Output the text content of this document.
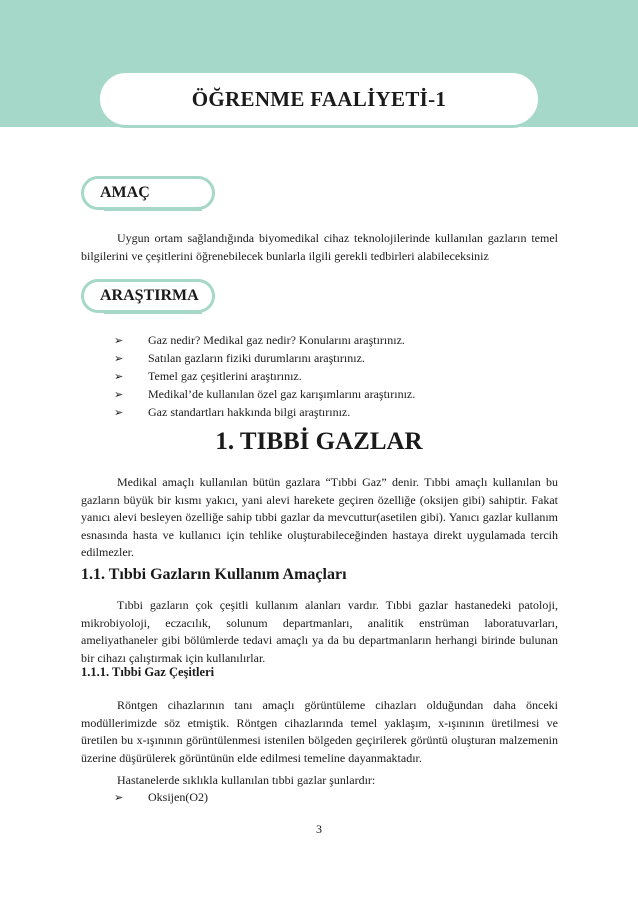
ÖĞRENME FAALİYETİ-1
AMAÇ

Uygun ortam sağlandığında biyomedikal cihaz teknolojilerinde kullanılan gazların temel bilgilerini ve çeşitlerini öğrenebilecek bunlarla ilgili gerekli tedbirleri alabileceksiniz

ARAŞTIRMA
➢	Gaz nedir? Medikal gaz nedir? Konularını araştırınız.
➢	Satılan gazların fiziki durumlarını araştırınız.
➢	Temel gaz çeşitlerini araştırınız.
➢	Medikal’de kullanılan özel gaz karışımlarını araştırınız.
➢	Gaz standartları hakkında bilgi araştırınız.
1. TIBBİ GAZLAR

Medikal amaçlı kullanılan bütün gazlara “Tıbbi Gaz” denir. Tıbbi amaçlı kullanılan bu gazların büyük bir kısmı yakıcı, yani alevi harekete geçiren özelliğe (oksijen gibi) sahiptir. Fakat yanıcı alevi besleyen özelliğe sahip tıbbi gazlar da mevcuttur(asetilen gibi). Yanıcı gazlar kullanım esnasında hasta ve kullanıcı için tehlike oluşturabileceğinden hastaya direkt uygulamada tercih edilmezler.

1.1. Tıbbi Gazların Kullanım Amaçları

Tıbbi gazların çok çeşitli kullanım alanları vardır. Tıbbi gazlar hastanedeki patoloji, mikrobiyoloji, eczacılık, solunum departmanları, analitik enstrüman laboratuvarları, ameliyathaneler gibi bölümlerde tedavi amaçlı ya da bu departmanların herhangi birinde bulunan bir cihazı çalıştırmak için kullanılırlar.

1.1.1. Tıbbi Gaz Çeşitleri

Röntgen cihazlarının tanı amaçlı görüntüleme cihazları olduğundan daha önceki modüllerimizde söz etmiştik. Röntgen cihazlarında temel yaklaşım, x-ışınının üretilmesi ve üretilen bu x-ışınının görüntülenmesi istenilen bölgeden geçirilerek görüntü oluşturan malzemenin üzerine düşürülerek görüntünün elde edilmesi temeline dayanmaktadır.

Hastanelerde sıklıkla kullanılan tıbbi gazlar şunlardır:

➢	Oksijen(O2)
3
